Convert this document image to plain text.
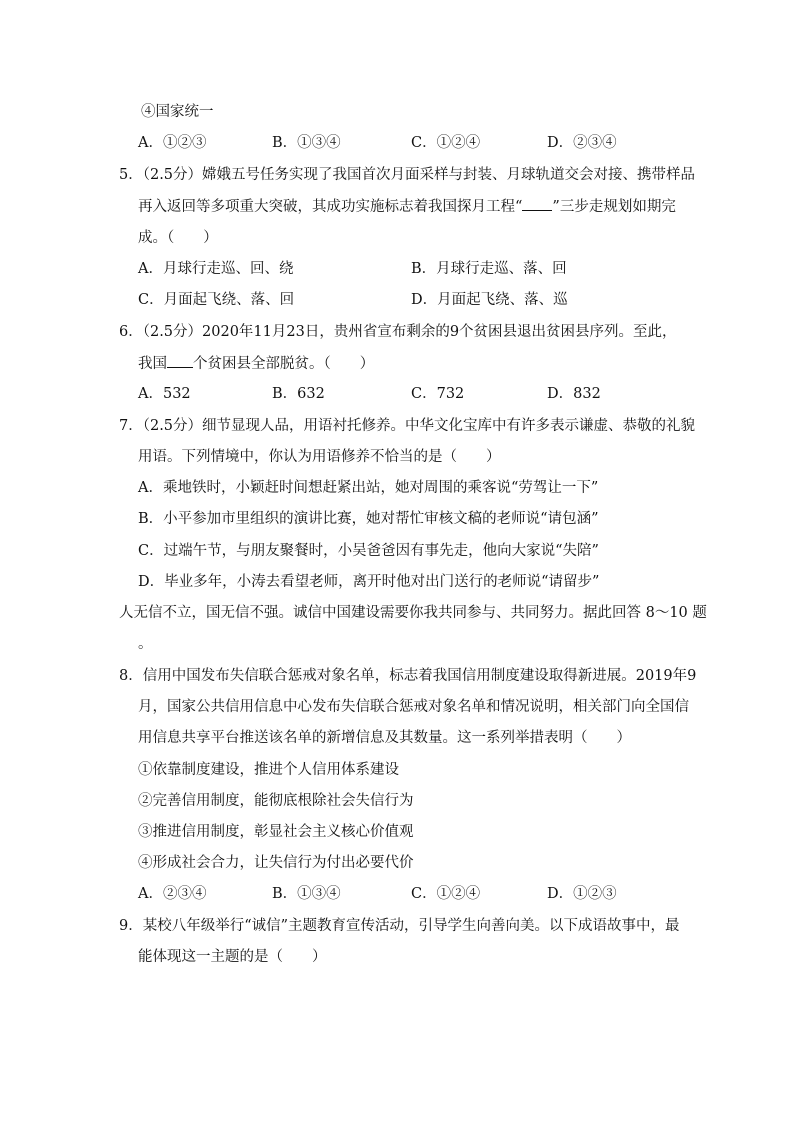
④国家统一
A．①②③	B．①③④	C．①②④	D．②③④
5．（2.5分）嫦娥五号任务实现了我国首次月面采样与封装、月球轨道交会对接、携带样品
再入返回等多项重大突破，其成功实施标志着我国探月工程“ ”三步走规划如期完
成。（　　）
A．月球行走巡、回、绕	B．月球行走巡、落、回
C．月面起飞绕、落、回	D．月面起飞绕、落、巡
6．（2.5分）2020年11月23日，贵州省宣布剩余的9个贫困县退出贫困县序列。至此，
我国 个贫困县全部脱贫。（　　）
A．532	B．632	C．732	D．832
7．（2.5分）细节显现人品，用语衬托修养。中华文化宝库中有许多表示谦虚、恭敬的礼貌
用语。下列情境中，你认为用语修养不恰当的是（　　）
A．乘地铁时，小颖赶时间想赶紧出站，她对周围的乘客说“劳驾让一下”
B．小平参加市里组织的演讲比赛，她对帮忙审核文稿的老师说“请包涵”
C．过端午节，与朋友聚餐时，小吴爸爸因有事先走，他向大家说“失陪”
D．毕业多年，小涛去看望老师，离开时他对出门送行的老师说“请留步”
人无信不立，国无信不强。诚信中国建设需要你我共同参与、共同努力。据此回答 8～10 题
。
8．信用中国发布失信联合惩戒对象名单，标志着我国信用制度建设取得新进展。2019年9
月，国家公共信用信息中心发布失信联合惩戒对象名单和情况说明，相关部门向全国信
用信息共享平台推送该名单的新增信息及其数量。这一系列举措表明（　　）
①依靠制度建设，推进个人信用体系建设
②完善信用制度，能彻底根除社会失信行为
③推进信用制度，彰显社会主义核心价值观
④形成社会合力，让失信行为付出必要代价
A．②③④	B．①③④	C．①②④	D．①②③
9．某校八年级举行“诚信”主题教育宣传活动，引导学生向善向美。以下成语故事中，最
能体现这一主题的是（　　）
